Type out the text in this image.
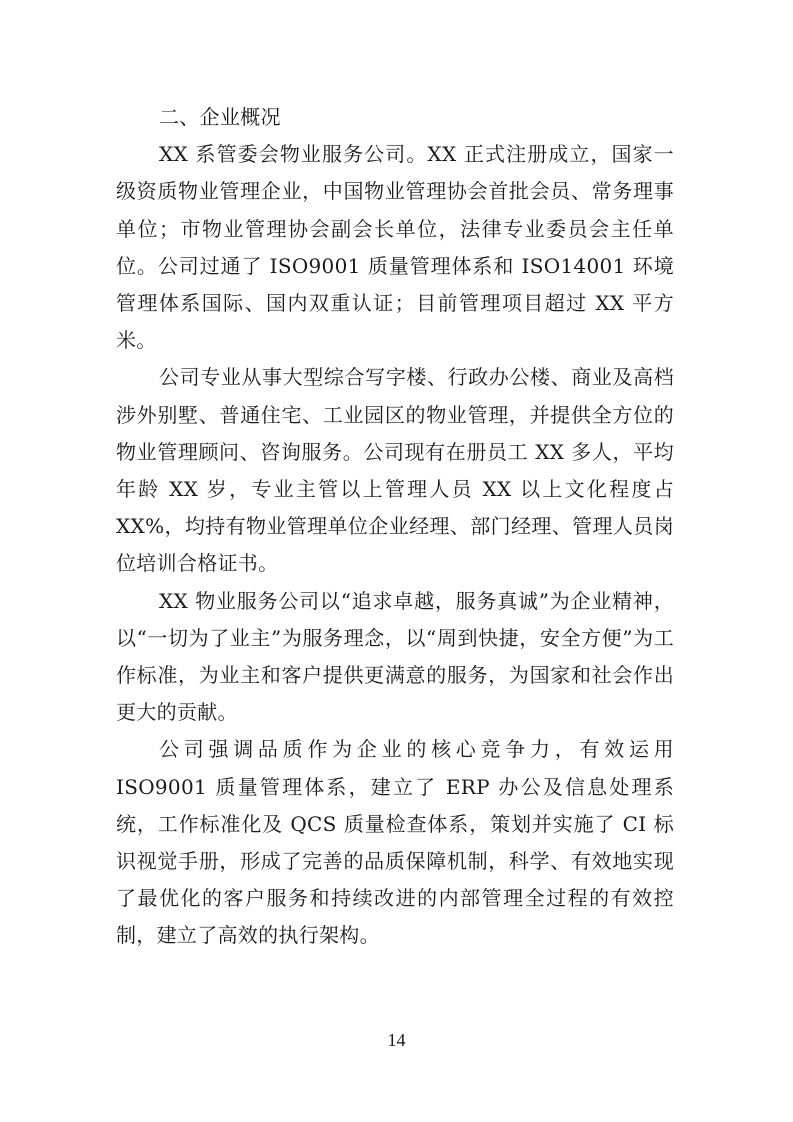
二、企业概况

XX 系管委会物业服务公司。XX 正式注册成立，国家一级资质物业管理企业，中国物业管理协会首批会员、常务理事单位；市物业管理协会副会长单位，法律专业委员会主任单位。公司过通了 ISO9001 质量管理体系和 ISO14001 环境管理体系国际、国内双重认证；目前管理项目超过 XX 平方米。

公司专业从事大型综合写字楼、行政办公楼、商业及高档涉外别墅、普通住宅、工业园区的物业管理，并提供全方位的物业管理顾问、咨询服务。公司现有在册员工 XX 多人，平均年龄 XX 岁，专业主管以上管理人员 XX 以上文化程度占 XX%，均持有物业管理单位企业经理、部门经理、管理人员岗位培训合格证书。

XX 物业服务公司以“追求卓越，服务真诚”为企业精神，以“一切为了业主”为服务理念，以“周到快捷，安全方便”为工作标准，为业主和客户提供更满意的服务，为国家和社会作出更大的贡献。

公司强调品质作为企业的核心竞争力，有效运用 ISO9001 质量管理体系，建立了 ERP 办公及信息处理系统，工作标准化及 QCS 质量检查体系，策划并实施了 CI 标识视觉手册，形成了完善的品质保障机制，科学、有效地实现了最优化的客户服务和持续改进的内部管理全过程的有效控制，建立了高效的执行架构。

14
